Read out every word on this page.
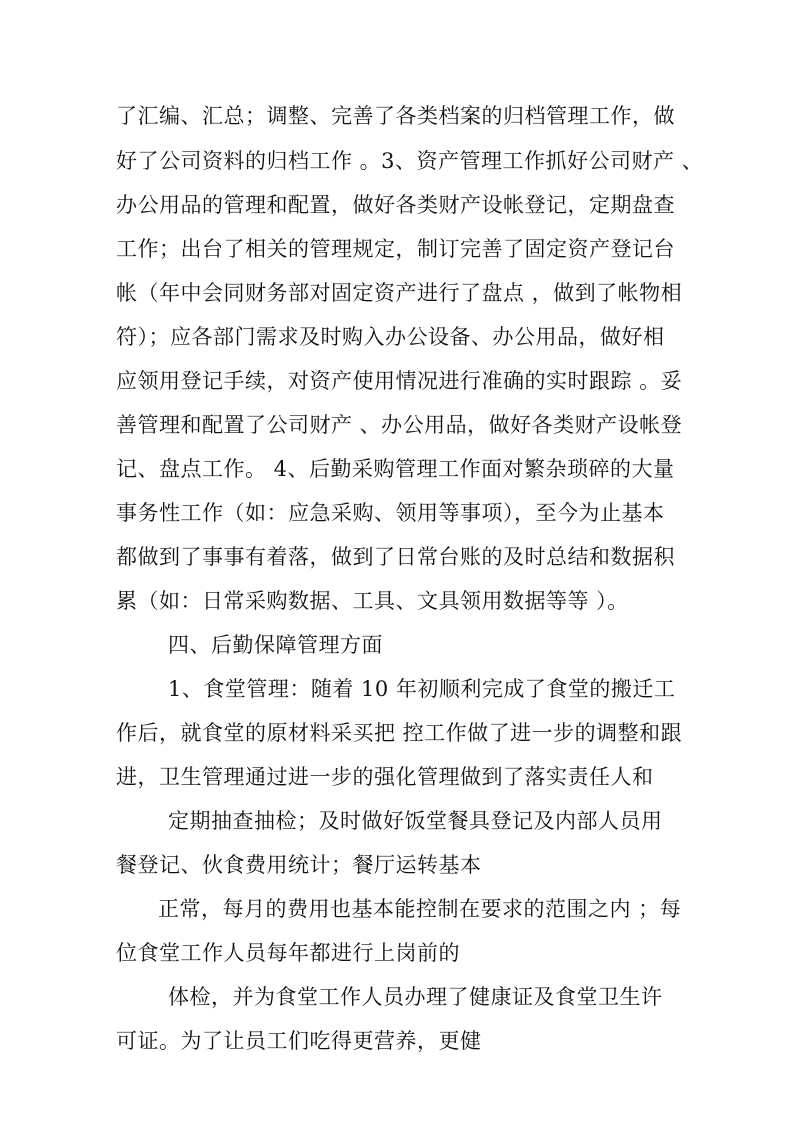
了汇编、汇总；调整、完善了各类档案的归档管理工作，做
好了公司资料的归档工作 。3、资产管理工作抓好公司财产 、
办公用品的管理和配置，做好各类财产设帐登记，定期盘查
工作；出台了相关的管理规定，制订完善了固定资产登记台
帐（年中会同财务部对固定资产进行了盘点 ，做到了帐物相
符）；应各部门需求及时购入办公设备、办公用品，做好相
应领用登记手续，对资产使用情况进行准确的实时跟踪 。妥
善管理和配置了公司财产 、办公用品，做好各类财产设帐登
记、盘点工作。 4、后勤采购管理工作面对繁杂琐碎的大量
事务性工作（如：应急采购、领用等事项），至今为止基本
都做到了事事有着落，做到了日常台账的及时总结和数据积
累（如：日常采购数据、工具、文具领用数据等等 ）。
四、后勤保障管理方面
1、食堂管理：随着 10 年初顺利完成了食堂的搬迁工
作后，就食堂的原材料采买把 控工作做了进一步的调整和跟
进，卫生管理通过进一步的强化管理做到了落实责任人和
定期抽查抽检；及时做好饭堂餐具登记及内部人员用
餐登记、伙食费用统计；餐厅运转基本
正常，每月的费用也基本能控制在要求的范围之内 ；每
位食堂工作人员每年都进行上岗前的
体检，并为食堂工作人员办理了健康证及食堂卫生许
可证。为了让员工们吃得更营养，更健
